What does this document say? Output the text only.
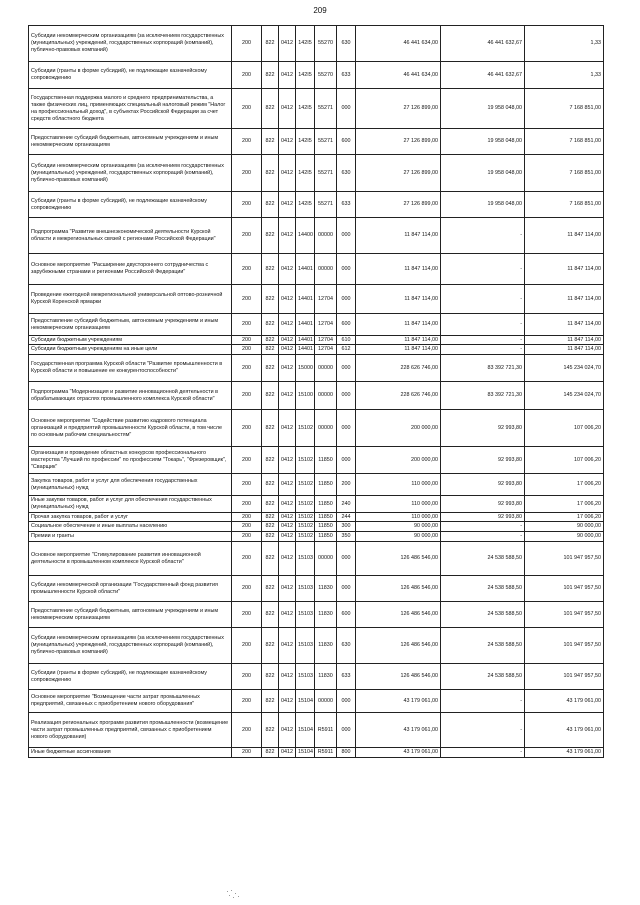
209
Субсидии некоммерческим организациям (за исключением государственных (муниципальных) учреждений, государственных корпораций (компаний), публично-правовых компаний)	200	822	0412	142I5	55270	630	46 441 634,00	46 441 632,67	1,33
Субсидии (гранты в форме субсидий), не подлежащие казначейскому сопровождению	200	822	0412	142I5	55270	633	46 441 634,00	46 441 632,67	1,33
Государственная поддержка малого и среднего предпринимательства, а также физических лиц, применяющих специальный налоговый режим "Налог на профессиональный доход", в субъектах Российской Федерации за счет средств областного бюджета	200	822	0412	142I5	55271	000	27 126 899,00	19 958 048,00	7 168 851,00
Предоставление субсидий бюджетным, автономным учреждениям и иным некоммерческим организациям	200	822	0412	142I5	55271	600	27 126 899,00	19 958 048,00	7 168 851,00
Субсидии некоммерческим организациям (за исключением государственных (муниципальных) учреждений, государственных корпораций (компаний), публично-правовых компаний)	200	822	0412	142I5	55271	630	27 126 899,00	19 958 048,00	7 168 851,00
Субсидии (гранты в форме субсидий), не подлежащие казначейскому сопровождению	200	822	0412	142I5	55271	633	27 126 899,00	19 958 048,00	7 168 851,00
Подпрограмма "Развитие внешнеэкономической деятельности Курской области и межрегиональных связей с регионами Российской Федерации"	200	822	0412	14400	00000	000	11 847 114,00	-	11 847 114,00
Основное мероприятие "Расширение двустороннего сотрудничества с зарубежными странами и регионами Российской Федерации"	200	822	0412	14401	00000	000	11 847 114,00	-	11 847 114,00
Проведение ежегодной межрегиональной универсальной оптово-розничной Курской Коренской ярмарки	200	822	0412	14401	12704	000	11 847 114,00	-	11 847 114,00
Предоставление субсидий бюджетным, автономным учреждениям и иным некоммерческим организациям	200	822	0412	14401	12704	600	11 847 114,00	-	11 847 114,00
Субсидии бюджетным учреждениям	200	822	0412	14401	12704	610	11 847 114,00	-	11 847 114,00
Субсидии бюджетным учреждениям на иные цели	200	822	0412	14401	12704	612	11 847 114,00	-	11 847 114,00
Государственная программа Курской области "Развитие промышленности в Курской области и повышение ее конкурентоспособности"	200	822	0412	15000	00000	000	228 626 746,00	83 392 721,30	145 234 024,70
Подпрограмма "Модернизация и развитие инновационной деятельности в обрабатывающих отраслях промышленного комплекса Курской области"	200	822	0412	15100	00000	000	228 626 746,00	83 392 721,30	145 234 024,70
Основное мероприятие "Содействие развитию кадрового потенциала организаций и предприятий промышленности Курской области, в том числе по основным рабочим специальностям"	200	822	0412	15102	00000	000	200 000,00	92 993,80	107 006,20
Организация и проведение областных конкурсов профессионального мастерства "Лучший по профессии" по профессиям "Токарь", "Фрезеровщик", "Сварщик"	200	822	0412	15102	11850	000	200 000,00	92 993,80	107 006,20
Закупка товаров, работ и услуг для обеспечения государственных (муниципальных) нужд	200	822	0412	15102	11850	200	110 000,00	92 993,80	17 006,20
Иные закупки товаров, работ и услуг для обеспечения государственных (муниципальных) нужд	200	822	0412	15102	11850	240	110 000,00	92 993,80	17 006,20
Прочая закупка товаров, работ и услуг	200	822	0412	15102	11850	244	110 000,00	92 993,80	17 006,20
Социальное обеспечение и иные выплаты населению	200	822	0412	15102	11850	300	90 000,00	-	90 000,00
Премии и гранты	200	822	0412	15102	11850	350	90 000,00	-	90 000,00
Основное мероприятие "Стимулирование развития инновационной деятельности в промышленном комплексе Курской области"	200	822	0412	15103	00000	000	126 486 546,00	24 538 588,50	101 947 957,50
Субсидии некоммерческой организации "Государственный фонд развития промышленности Курской области"	200	822	0412	15103	11830	000	126 486 546,00	24 538 588,50	101 947 957,50
Предоставление субсидий бюджетным, автономным учреждениям и иным некоммерческим организациям	200	822	0412	15103	11830	600	126 486 546,00	24 538 588,50	101 947 957,50
Субсидии некоммерческим организациям (за исключением государственных (муниципальных) учреждений, государственных корпораций (компаний), публично-правовых компаний)	200	822	0412	15103	11830	630	126 486 546,00	24 538 588,50	101 947 957,50
Субсидии (гранты в форме субсидий), не подлежащие казначейскому сопровождению	200	822	0412	15103	11830	633	126 486 546,00	24 538 588,50	101 947 957,50
Основное мероприятие "Возмещение части затрат промышленных предприятий, связанных с приобретением нового оборудования"	200	822	0412	15104	00000	000	43 179 061,00	-	43 179 061,00
Реализация региональных программ развития промышленности (возмещение части затрат промышленных предприятий, связанных с приобретением нового оборудования)	200	822	0412	15104	R5911	000	43 179 061,00	-	43 179 061,00
Иные бюджетные ассигнования	200	822	0412	15104	R5911	800	43 179 061,00	-	43 179 061,00
